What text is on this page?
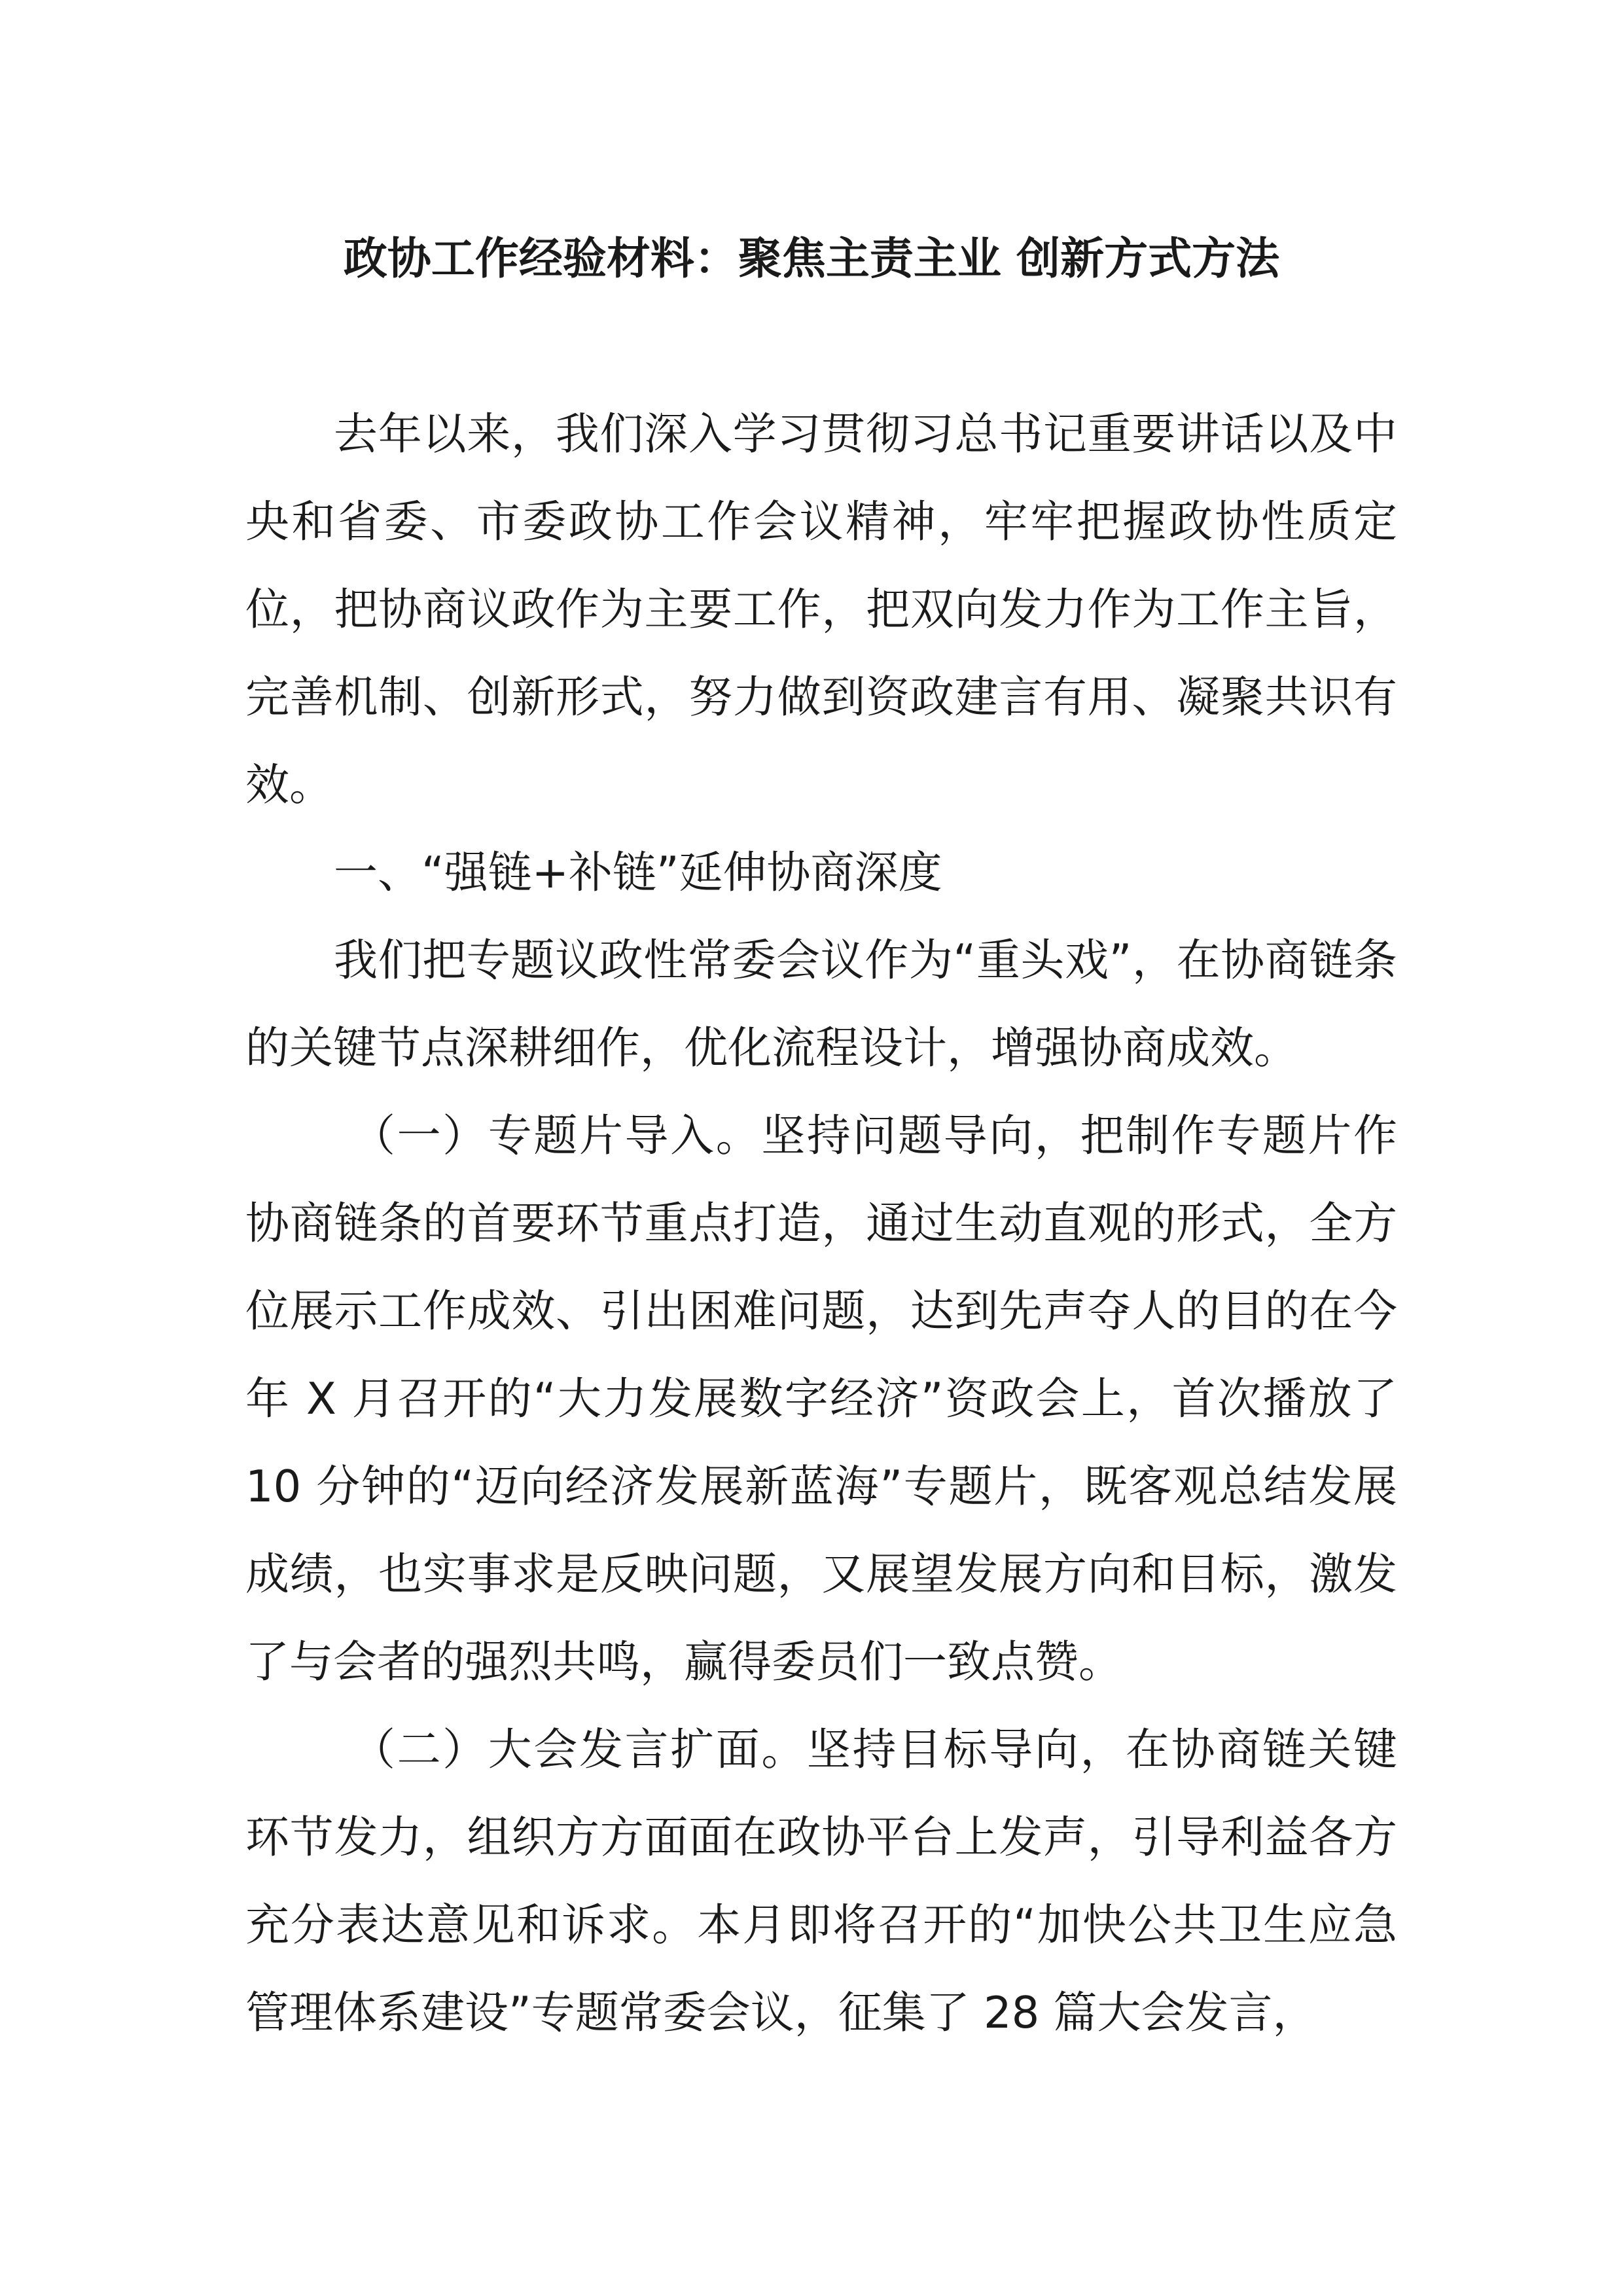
政协工作经验材料：聚焦主责主业 创新方式方法

去年以来，我们深入学习贯彻习总书记重要讲话以及中央和省委、市委政协工作会议精神，牢牢把握政协性质定位，把协商议政作为主要工作，把双向发力作为工作主旨，完善机制、创新形式，努力做到资政建言有用、凝聚共识有效。

一、“强链+补链”延伸协商深度

我们把专题议政性常委会议作为“重头戏”，在协商链条的关键节点深耕细作，优化流程设计，增强协商成效。

（一）专题片导入。坚持问题导向，把制作专题片作协商链条的首要环节重点打造，通过生动直观的形式，全方位展示工作成效、引出困难问题，达到先声夺人的目的在今年 X 月召开的“大力发展数字经济”资政会上，首次播放了 10 分钟的“迈向经济发展新蓝海”专题片，既客观总结发展成绩，也实事求是反映问题，又展望发展方向和目标，激发了与会者的强烈共鸣，赢得委员们一致点赞。

（二）大会发言扩面。坚持目标导向，在协商链关键环节发力，组织方方面面在政协平台上发声，引导利益各方充分表达意见和诉求。本月即将召开的“加快公共卫生应急管理体系建设”专题常委会议，征集了 28 篇大会发言，
